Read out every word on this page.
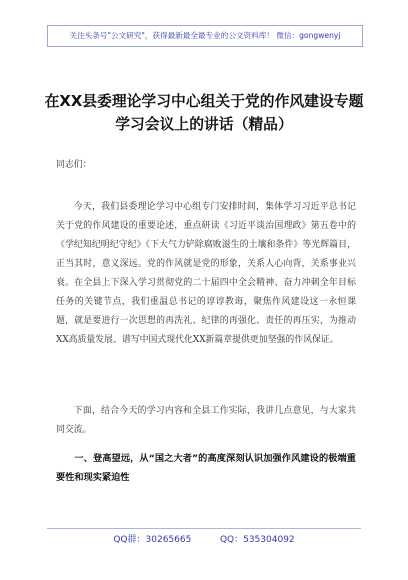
关注头条号"公文研究"，获得最新最全最专业的公文资料库！ 微信：gongwenyj
在XX县委理论学习中心组关于党的作风建设专题学习会议上的讲话（精品）
同志们：
今天，我们县委理论学习中心组专门安排时间，集体学习习近平总书记关于党的作风建设的重要论述，重点研读《习近平谈治国理政》第五卷中的《学纪知纪明纪守纪》《下大气力铲除腐败滋生的土壤和条件》等光辉篇目，正当其时，意义深远。党的作风就是党的形象，关系人心向背，关系事业兴衰。在全县上下深入学习贯彻党的二十届四中全会精神、奋力冲刺全年目标任务的关键节点，我们重温总书记的谆谆教诲，聚焦作风建设这一永恒课题，就是要进行一次思想的再洗礼、纪律的再强化、责任的再压实，为推动XX高质量发展、谱写中国式现代化XX新篇章提供更加坚强的作风保证。
下面，结合今天的学习内容和全县工作实际，我讲几点意见，与大家共同交流。
一、登高望远，从“国之大者”的高度深刻认识加强作风建设的极端重要性和现实紧迫性
QQ群：30265665	QQ：535304092
